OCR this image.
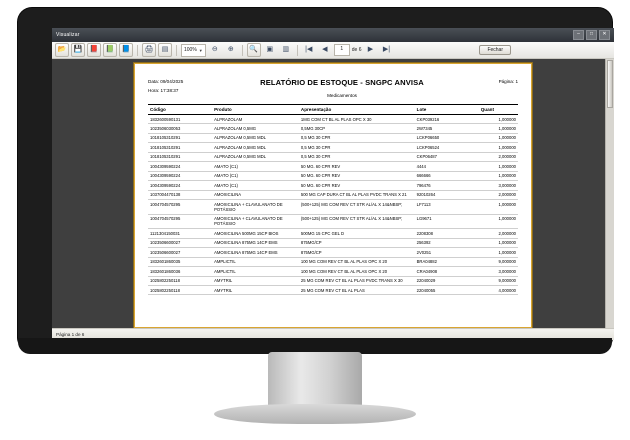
Visualizar	–	□	✕
📂	💾	📕	📗	📘	🖨	▤	100% ▼	⊖	⊕	🔍	▣	▥	|◀	◀	1	de 6 ▶	▶|	Fechar
Data: 09/04/2025
Hora: 17:38:37
RELATÓRIO DE ESTOQUE - SNGPC ANVISA
Medicamentos
Página: 1
Código	Produto	Apresentação	Lote	Quant
1832600590131	ALPRAZOLAM	1MG COM CT BL AL PLAS OPC X 30	CKP039216	1,000000
1023506030053	ALPRAZOLAM 0,5MG	0,5MG 30CP	2W7345	1,000000
1018105310291	ALPRAZOLAM 0,5MG MDL	0,5 MG 30 CPR	LCKP06650	1,000000
1018105310291	ALPRAZOLAM 0,5MG MDL	0,5 MG 30 CPR	LCKP06524	1,000000
1018105310291	ALPRAZOLAM 0,5MG MDL	0,5 MG 30 CPR	CKP06487	2,000000
1004309590224	AMATO (C1)	50 MG. 60 CPR REV	4444	1,000000
1004309590224	AMATO (C1)	50 MG. 60 CPR REV	666666	1,000000
1004309590224	AMATO (C1)	50 MG. 60 CPR REV	796476	3,000000
1037004470138	AMOXICILINA	500 MG CAP DURA CT BL AL PLAS PVDC TRANS X 21	92010264	2,000000
1004704570295	AMOXICILINA + CLAVULANATO DE POTÁSSIO	(500+125) MG COM REV CT STR AL/AL X 14&NBSP;	LF7113	1,000000
1004704570295	AMOXICILINA + CLAVULANATO DE POTÁSSIO	(500+125) MG COM REV CT STR AL/AL X 14&NBSP;	LG9671	1,000000
1121304150031	AMOXICILINA 500MG 15CP BIOS	500MG 15 CPC GEL D	2208308	2,000000
1023506600027	AMOXICILINA 875MG 14CP EMS	875MG/CP	256392	1,000000
1023506600027	AMOXICILINA 875MG 14CP EMS	875MG/CP	2V0251	1,000000
1832601860035	AMPLICTIL	100 MG COM REV CT BL AL PLAS OPC X 20	BRA04882	9,000000
1832601860036	AMPLICTIL	100 MG COM REV CT BL AL PLAS OPC X 20	CRA04908	3,000000
1025802250118	AMYTRIL	25 MG COM REV CT BL AL PLAS PVDC TRANS X 30	22040029	9,000000
1025802250118	AMYTRIL	25 MG COM REV CT BL AL PLAS	22040055	4,000000
Página 1 de 6
